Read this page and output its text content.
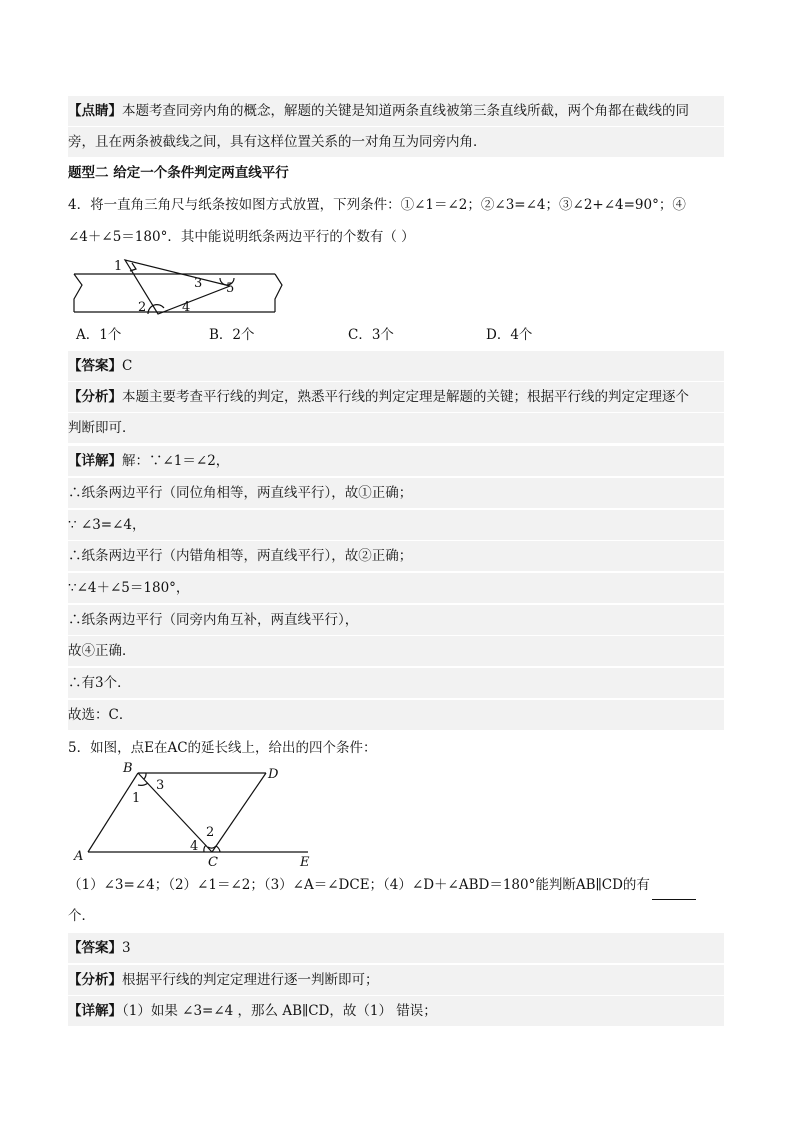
【点睛】本题考查同旁内角的概念，解题的关键是知道两条直线被第三条直线所截，两个角都在截线的同
旁，且在两条被截线之间，具有这样位置关系的一对角互为同旁内角．
题型二 给定一个条件判定两直线平行
4．将一直角三角尺与纸条按如图方式放置，下列条件：①∠1＝∠2；②∠3=∠4；③∠2+∠4=90°；④
∠4＋∠5＝180°．其中能说明纸条两边平行的个数有（ ）
1
2
3
4
5
A．1个	B．2个	C．3个	D．4个
【答案】C
【分析】本题主要考查平行线的判定，熟悉平行线的判定定理是解题的关键；根据平行线的判定定理逐个
判断即可．
【详解】解：∵∠1＝∠2，
∴纸条两边平行（同位角相等，两直线平行），故①正确；
∵ ∠3=∠4，
∴纸条两边平行（内错角相等，两直线平行），故②正确；
∵∠4＋∠5＝180°，
∴纸条两边平行（同旁内角互补，两直线平行），
故④正确．
∴有3个．
故选：C．
5．如图，点E在AC的延长线上，给出的四个条件：
A
B
C
D
E
1
2
3
4
（1）∠3=∠4；（2）∠1＝∠2；（3）∠A＝∠DCE；（4）∠D＋∠ABD＝180°能判断AB∥CD的有
个．
【答案】3
【分析】根据平行线的判定定理进行逐一判断即可；
【详解】（1）如果 ∠3=∠4 ，那么 AB∥CD，故（1） 错误；
